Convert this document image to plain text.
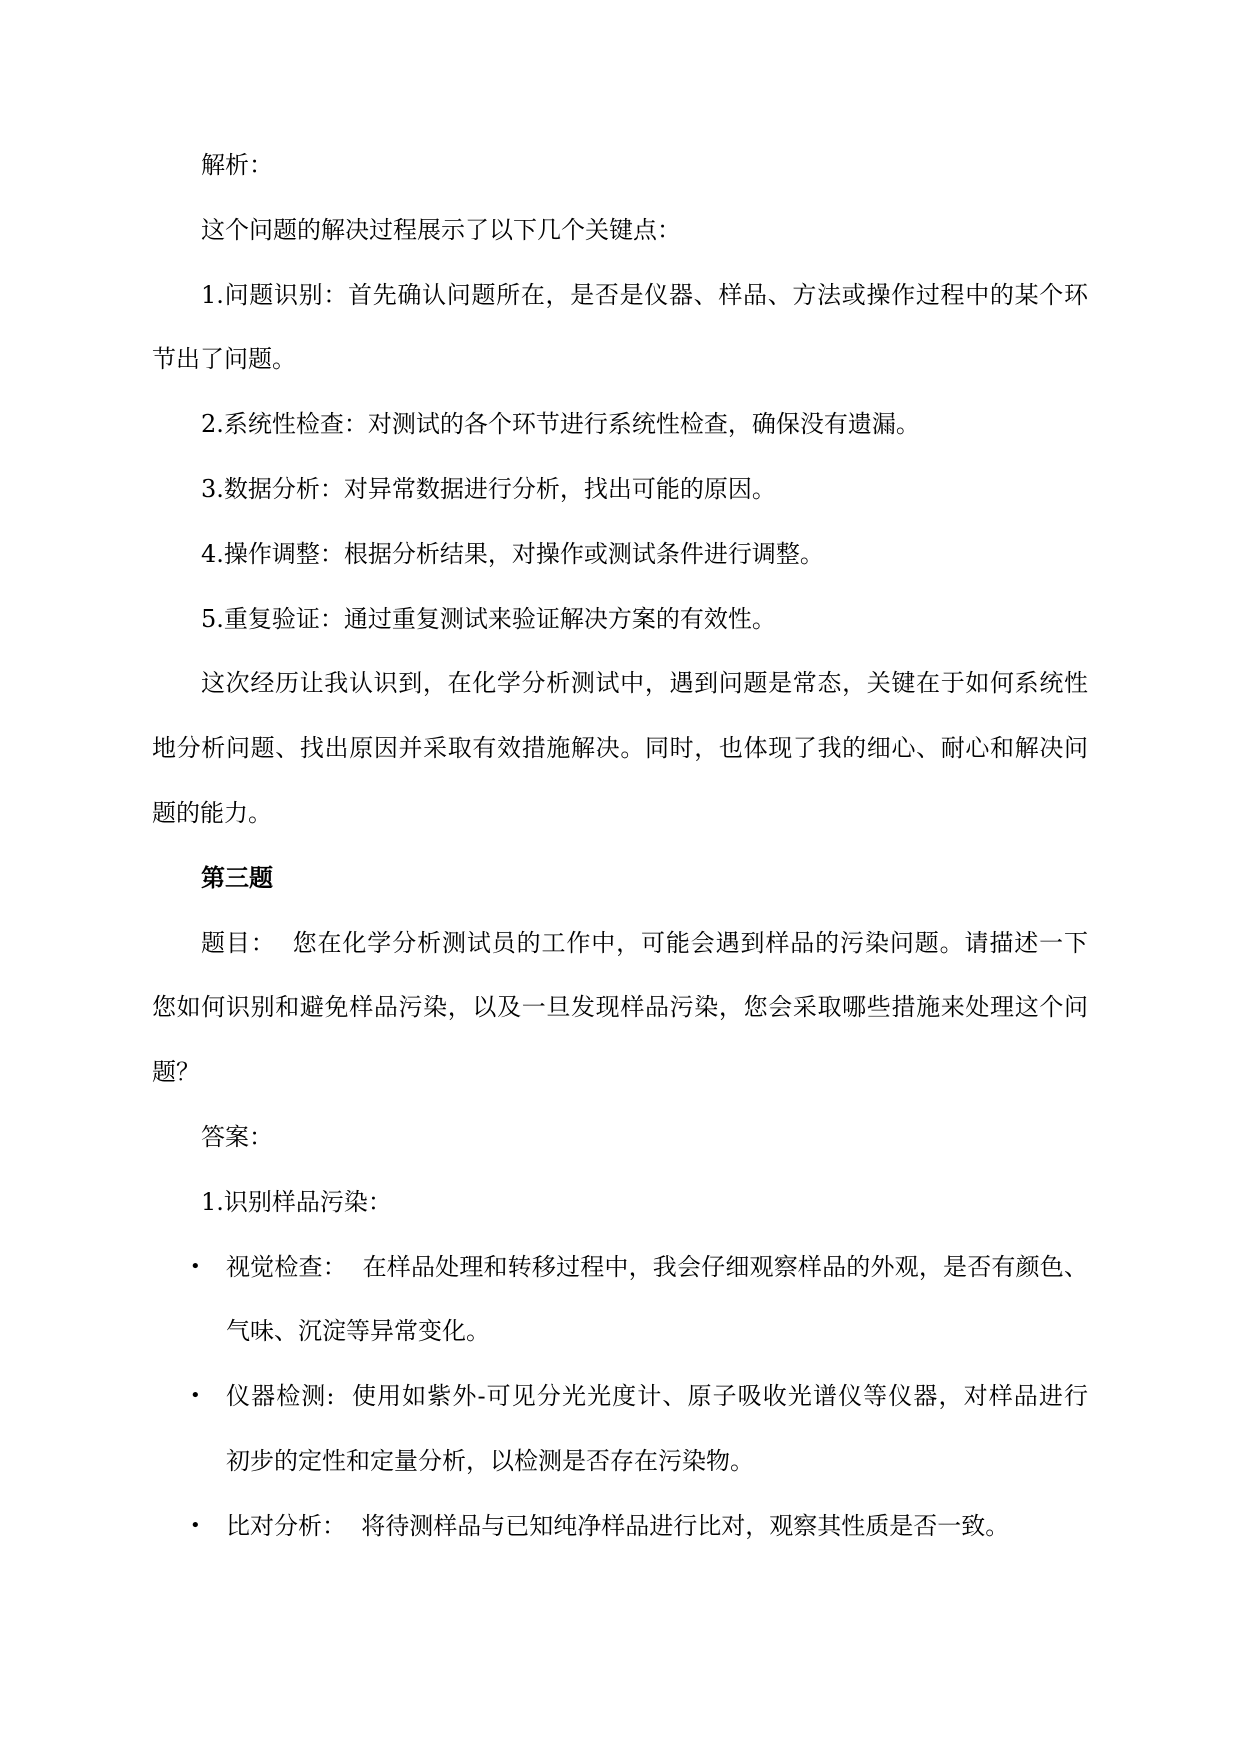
解析：

这个问题的解决过程展示了以下几个关键点：

1.问题识别：首先确认问题所在，是否是仪器、样品、方法或操作过程中的某个环
节出了问题。

2.系统性检查：对测试的各个环节进行系统性检查，确保没有遗漏。

3.数据分析：对异常数据进行分析，找出可能的原因。

4.操作调整：根据分析结果，对操作或测试条件进行调整。

5.重复验证：通过重复测试来验证解决方案的有效性。

这次经历让我认识到，在化学分析测试中，遇到问题是常态，关键在于如何系统性
地分析问题、找出原因并采取有效措施解决。同时，也体现了我的细心、耐心和解决问
题的能力。

第三题

题目：  您在化学分析测试员的工作中，可能会遇到样品的污染问题。请描述一下
您如何识别和避免样品污染，以及一旦发现样品污染，您会采取哪些措施来处理这个问
题？

答案：

1.识别样品污染：

• 视觉检查：  在样品处理和转移过程中，我会仔细观察样品的外观，是否有颜色、
气味、沉淀等异常变化。
• 仪器检测:  使用如紫外-可见分光光度计、原子吸收光谱仪等仪器，对样品进行
初步的定性和定量分析，以检测是否存在污染物。
• 比对分析：  将待测样品与已知纯净样品进行比对，观察其性质是否一致。
